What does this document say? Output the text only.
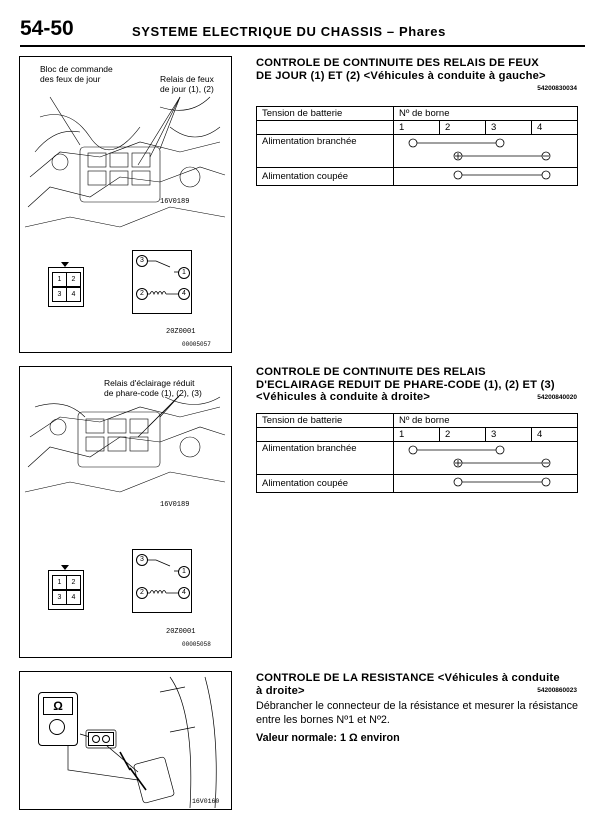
54-50	SYSTEME ELECTRIQUE DU CHASSIS – Phares
Bloc de commande
des feux de jour	Relais de feux
de jour (1), (2)
16V0189
1	2
3	4
3
1
2	4
20Z0001
00005057
CONTROLE DE CONTINUITE DES RELAIS DE FEUX
DE JOUR (1) ET (2) <Véhicules à conduite à gauche>
54200830034
Tension de batterie	Nº de borne			
	1	2	3	4
Alimentation branchée	
Alimentation coupée	
Relais d'éclairage réduit
de phare-code (1), (2), (3)
16V0189
1	2
3	4
3
1
2	4
20Z0001
00005058
CONTROLE DE CONTINUITE DES RELAIS
D'ECLAIRAGE REDUIT DE PHARE-CODE (1), (2) ET (3)
<Véhicules à conduite à droite>	54200840020
Tension de batterie	Nº de borne			
	1	2	3	4
Alimentation branchée	
Alimentation coupée	
Ω
16V0160
CONTROLE DE LA RESISTANCE <Véhicules à conduite
à droite>	54200860023
Débrancher le connecteur de la résistance et mesurer la résistance entre les bornes Nº1 et Nº2.
Valeur normale: 1 Ω environ
